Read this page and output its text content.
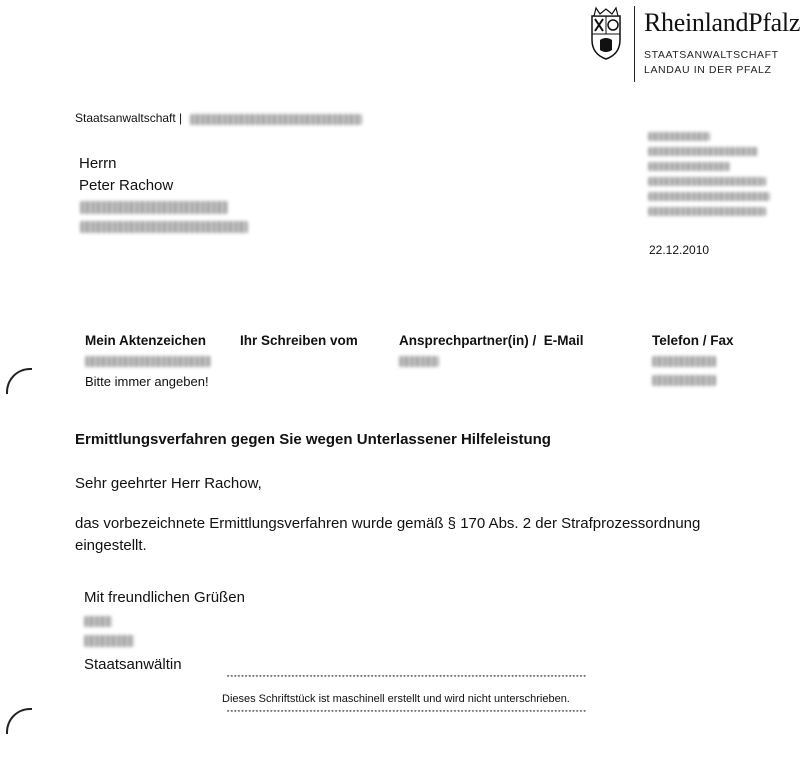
RheinlandPfalz
STAATSANWALTSCHAFT
LANDAU IN DER PFALZ
Staatsanwaltschaft |
Herrn
Peter Rachow
22.12.2010
Mein Aktenzeichen	Ihr Schreiben vom	Ansprechpartner(in) /  E-Mail	Telefon / Fax
Bitte immer angeben!
Ermittlungsverfahren gegen Sie wegen Unterlassener Hilfeleistung
Sehr geehrter Herr Rachow,
das vorbezeichnete Ermittlungsverfahren wurde gemäß § 170 Abs. 2 der Strafprozessordnung
eingestellt.
Mit freundlichen Grüßen
Staatsanwältin
****************************************************************************************************
Dieses Schriftstück ist maschinell erstellt und wird nicht unterschrieben.
****************************************************************************************************
